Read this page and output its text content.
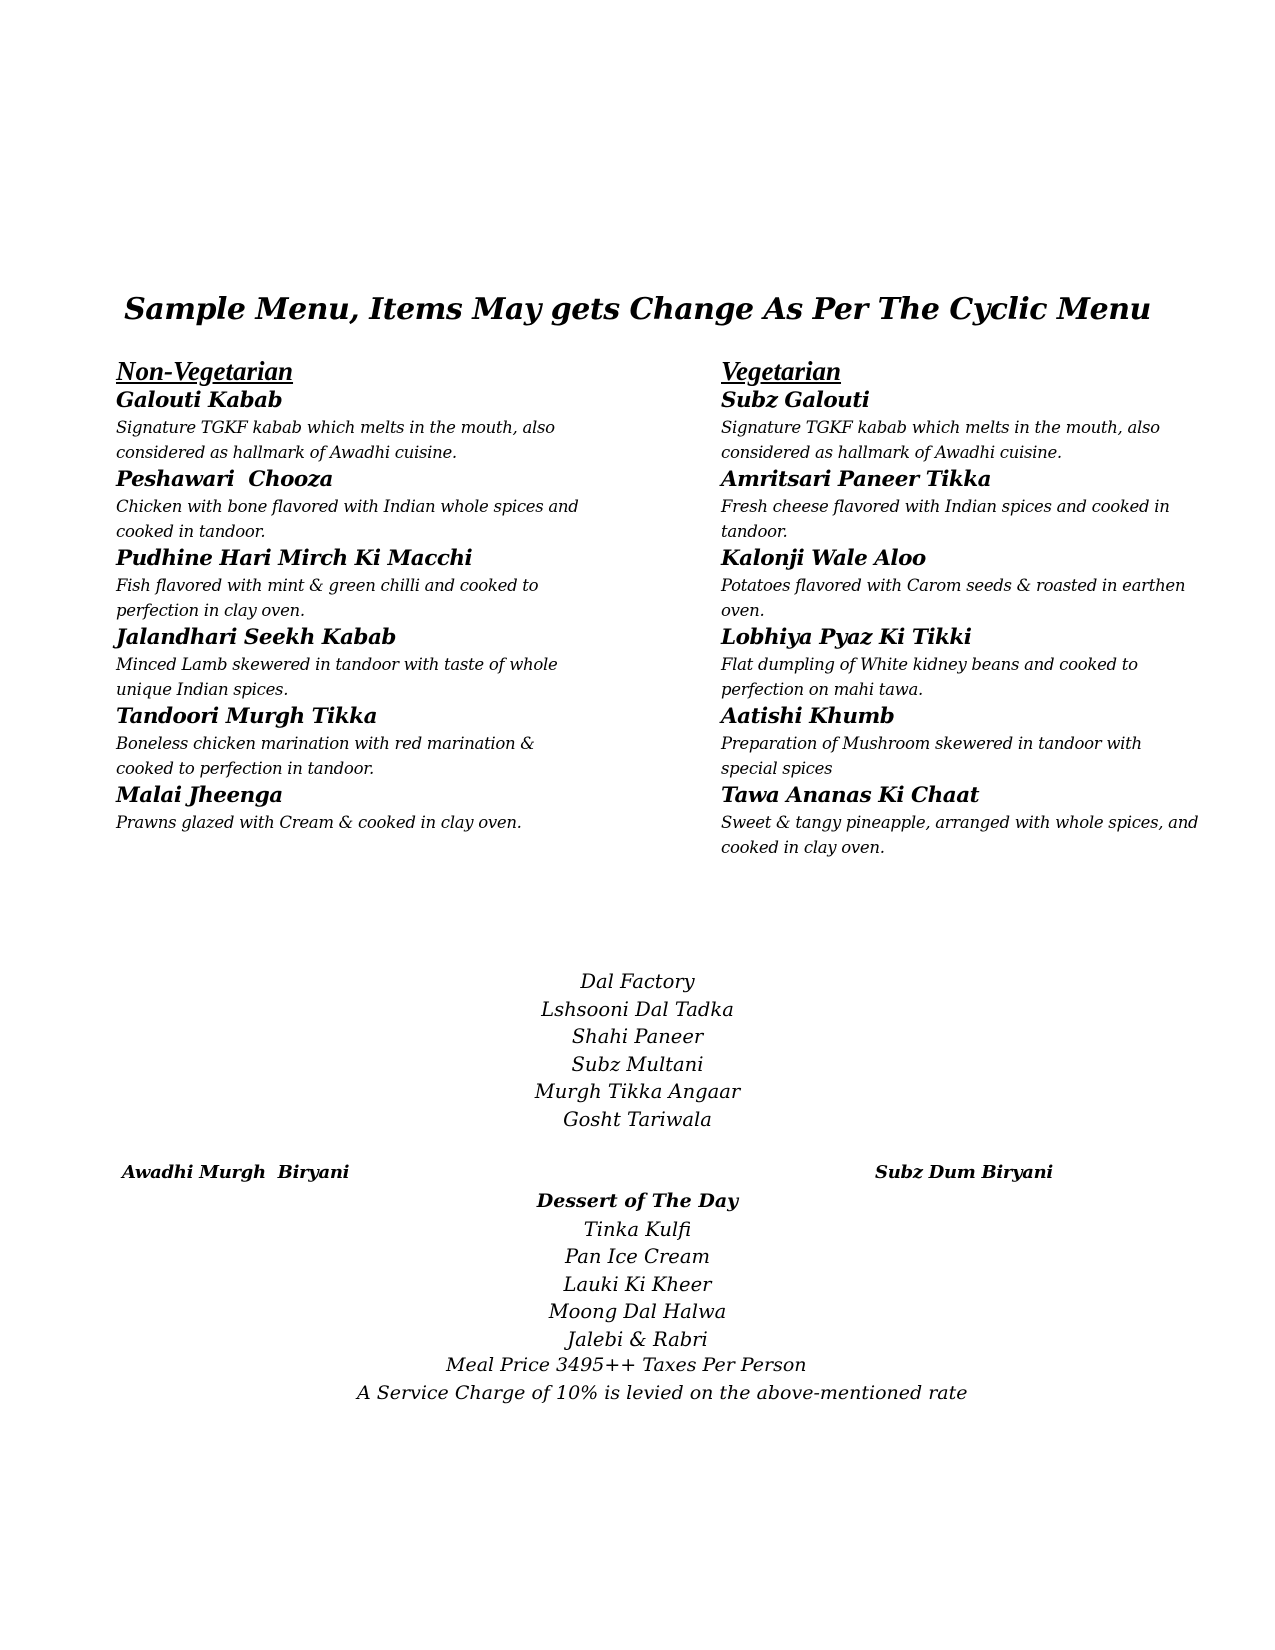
Sample Menu, Items May gets Change As Per The Cyclic Menu
Non-Vegetarian
Galouti Kabab
Signature TGKF kabab which melts in the mouth, also considered as hallmark of Awadhi cuisine.
Peshawari  Chooza
Chicken with bone flavored with Indian whole spices and cooked in tandoor.
Pudhine Hari Mirch Ki Macchi
Fish flavored with mint & green chilli and cooked to perfection in clay oven.
Jalandhari Seekh Kabab
Minced Lamb skewered in tandoor with taste of whole unique Indian spices.
Tandoori Murgh Tikka
Boneless chicken marination with red marination & cooked to perfection in tandoor.
Malai Jheenga
Prawns glazed with Cream & cooked in clay oven.
Vegetarian
Subz Galouti
Signature TGKF kabab which melts in the mouth, also considered as hallmark of Awadhi cuisine.
Amritsari Paneer Tikka
Fresh cheese flavored with Indian spices and cooked in tandoor.
Kalonji Wale Aloo
Potatoes flavored with Carom seeds & roasted in earthen oven.
Lobhiya Pyaz Ki Tikki
Flat dumpling of White kidney beans and cooked to perfection on mahi tawa.
Aatishi Khumb
Preparation of Mushroom skewered in tandoor with special spices
Tawa Ananas Ki Chaat
Sweet & tangy pineapple, arranged with whole spices, and cooked in clay oven.
Dal Factory
Lshsooni Dal Tadka
Shahi Paneer
Subz Multani
Murgh Tikka Angaar
Gosht Tariwala
Awadhi Murgh  Biryani	Subz Dum Biryani
Dessert of The Day
Tinka Kulfi
Pan Ice Cream
Lauki Ki Kheer
Moong Dal Halwa
Jalebi & Rabri
Meal Price 3495++ Taxes Per Person
A Service Charge of 10% is levied on the above-mentioned rate
